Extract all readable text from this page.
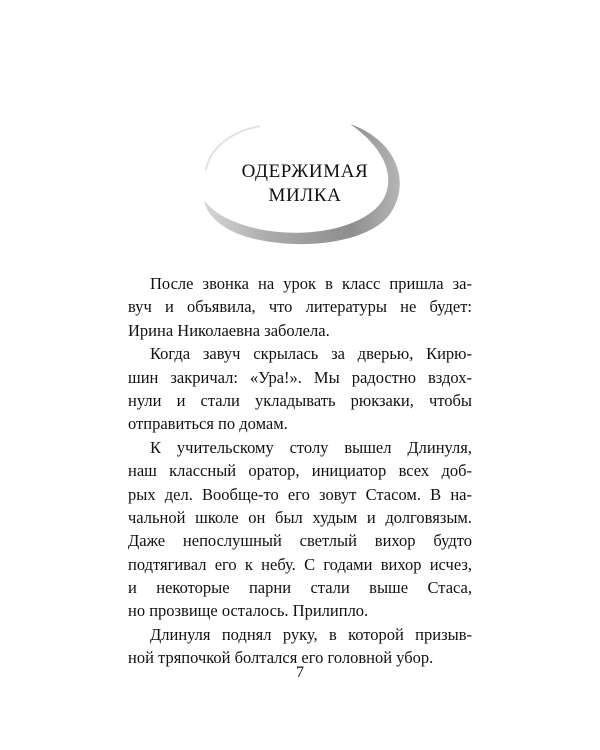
ОДЕРЖИМАЯ
МИЛКА
После звонка на урок в класс пришла за-
вуч и объявила, что литературы не будет:
Ирина Николаевна заболела.
Когда завуч скрылась за дверью, Кирю-
шин закричал: «Ура!». Мы радостно вздох-
нули и стали укладывать рюкзаки, чтобы
отправиться по домам.
К учительскому столу вышел Длинуля,
наш классный оратор, инициатор всех доб-
рых дел. Вообще-то его зовут Стасом. В на-
чальной школе он был худым и долговязым.
Даже непослушный светлый вихор будто
подтягивал его к небу. С годами вихор исчез,
и некоторые парни стали выше Стаса,
но прозвище осталось. Прилипло.
Длинуля поднял руку, в которой призыв-
ной тряпочкой болтался его головной убор.

7
